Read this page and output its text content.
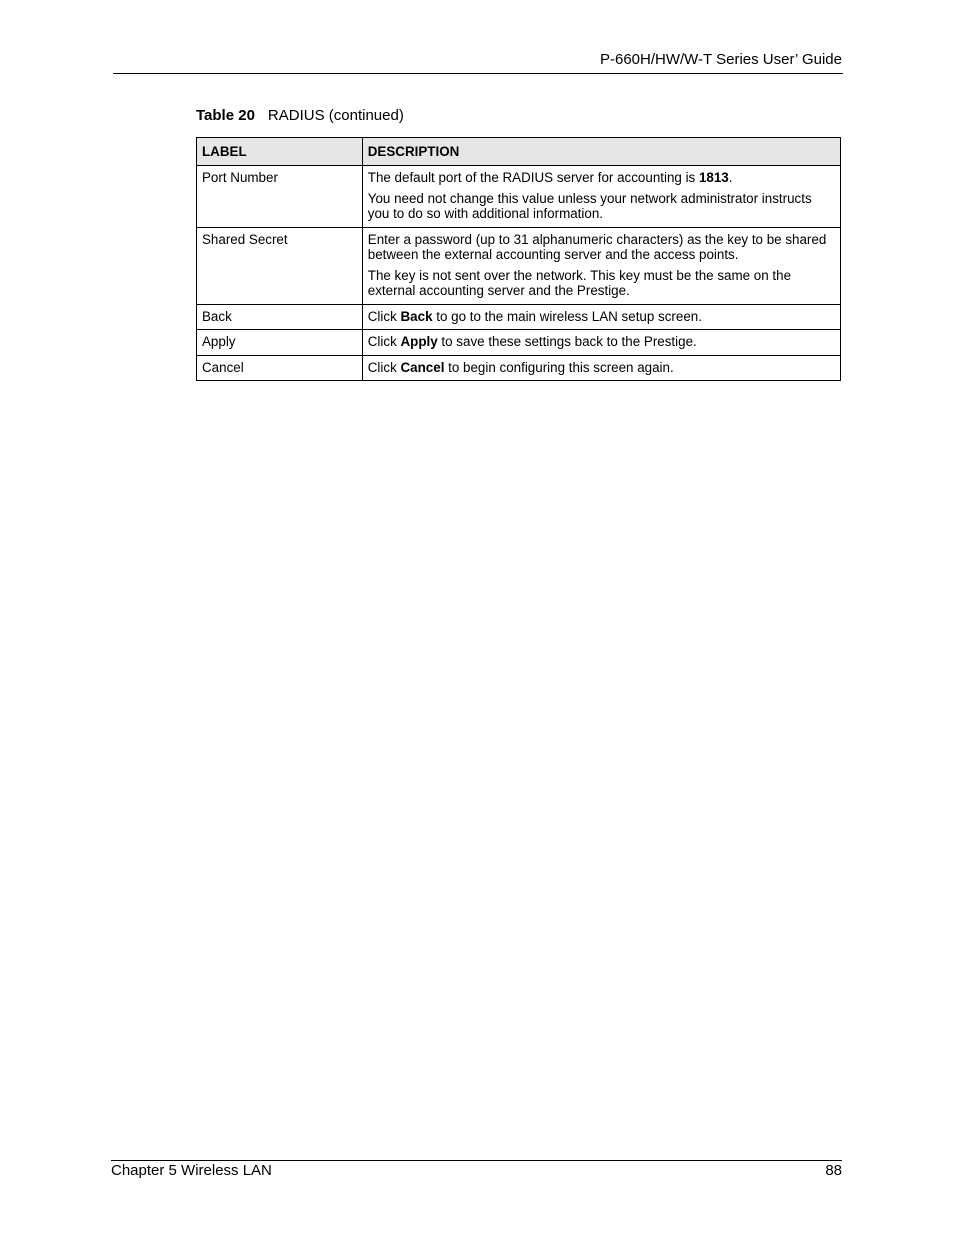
P-660H/HW/W-T Series User’ Guide
Table 20 RADIUS (continued)
LABEL	DESCRIPTION
Port Number	The default port of the RADIUS server for accounting is 1813.

You need not change this value unless your network administrator instructs you to do so with additional information.

Shared Secret	Enter a password (up to 31 alphanumeric characters) as the key to be shared between the external accounting server and the access points.

The key is not sent over the network. This key must be the same on the external accounting server and the Prestige.

Back	Click Back to go to the main wireless LAN setup screen.

Apply	Click Apply to save these settings back to the Prestige.

Cancel	Click Cancel to begin configuring this screen again.

Chapter 5 Wireless LAN	88
